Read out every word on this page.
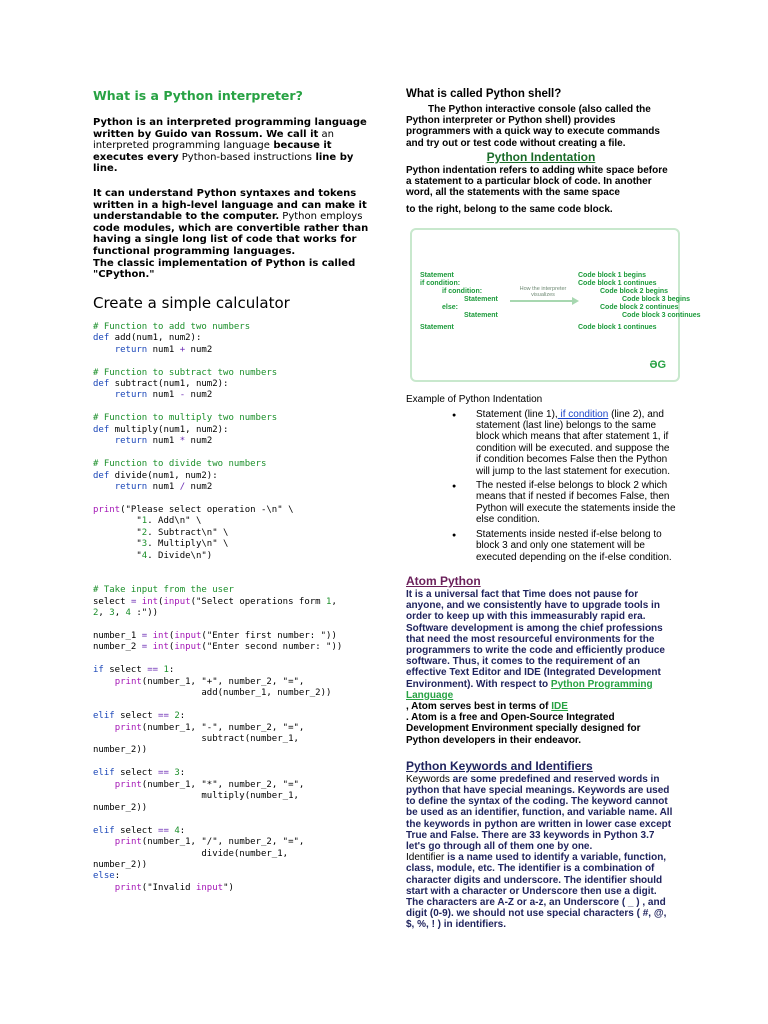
What is a Python interpreter?

Python is an interpreted programming language written by Guido van Rossum. We call it an interpreted programming language because it executes every Python-based instructions line by line.

It can understand Python syntaxes and tokens written in a high-level language and can make it understandable to the computer. Python employs code modules, which are convertible rather than having a single long list of code that works for functional programming languages.
The classic implementation of Python is called "CPython."

Create a simple calculator
# Function to add two numbers
def add(num1, num2):
return num1 + num2

# Function to subtract two numbers
def subtract(num1, num2):
return num1 - num2

# Function to multiply two numbers
def multiply(num1, num2):
return num1 * num2

# Function to divide two numbers
def divide(num1, num2):
return num1 / num2

print("Please select operation -\n" \
"1. Add\n" \
"2. Subtract\n" \
"3. Multiply\n" \
"4. Divide\n")

# Take input from the user
select = int(input("Select operations form 1,
2, 3, 4 :"))

number_1 = int(input("Enter first number: "))
number_2 = int(input("Enter second number: "))

if select == 1:
print(number_1, "+", number_2, "=",
add(number_1, number_2))

elif select == 2:
print(number_1, "-", number_2, "=",
subtract(number_1,
number_2))

elif select == 3:
print(number_1, "*", number_2, "=",
multiply(number_1,
number_2))

elif select == 4:
print(number_1, "/", number_2, "=",
divide(number_1,
number_2))
else:
print("Invalid input")
What is called Python shell?

The Python interactive console (also called the Python interpreter or Python shell) provides programmers with a quick way to execute commands and try out or test code without creating a file.

Python Indentation

Python indentation refers to adding white space before a statement to a particular block of code. In another word, all the statements with the same space

to the right, belong to the same code block.

Statement
if condition:
if condition:
Statement
else:
Statement
Statement
How the interpreter visualizes
Code block 1 begins
Code block 1 continues
Code block 2 begins
Code block 3 begins
Code block 2 continues
Code block 3 continues
Code block 1 continues
ƏG
Example of Python Indentation
● Statement (line 1), if condition (line 2), and statement (last line) belongs to the same block which means that after statement 1, if condition will be executed. and suppose the if condition becomes False then the Python will jump to the last statement for execution.
● The nested if-else belongs to block 2 which means that if nested if becomes False, then Python will execute the statements inside the else condition.
● Statements inside nested if-else belong to block 3 and only one statement will be executed depending on the if-else condition.
Atom Python

It is a universal fact that Time does not pause for anyone, and we consistently have to upgrade tools in order to keep up with this immeasurably rapid era. Software development is among the chief professions that need the most resourceful environments for the programmers to write the code and efficiently produce software. Thus, it comes to the requirement of an effective Text Editor and IDE (Integrated Development Environment). With respect to Python Programming Language
, Atom serves best in terms of IDE
. Atom is a free and Open-Source Integrated Development Environment specially designed for Python developers in their endeavor.

Python Keywords and Identifiers

Keywords are some predefined and reserved words in python that have special meanings. Keywords are used to define the syntax of the coding. The keyword cannot be used as an identifier, function, and variable name. All the keywords in python are written in lower case except True and False. There are 33 keywords in Python 3.7 let's go through all of them one by one.
Identifier is a name used to identify a variable, function, class, module, etc. The identifier is a combination of character digits and underscore. The identifier should start with a character or Underscore then use a digit. The characters are A-Z or a-z, an Underscore ( _ ) , and digit (0-9). we should not use special characters ( #, @, $, %, ! ) in identifiers.
